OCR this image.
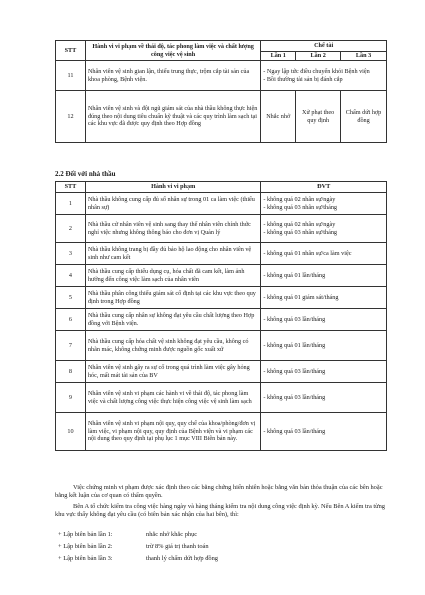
STT	Hành vi vi phạm về thái độ, tác phong làm việc và chất lượng công việc vệ sinh	Chế tài		
		Lần 1	Lần 2	Lần 3
11	Nhân viên vệ sinh gian lận, thiếu trung thực, trộm cắp tài sản của khoa phòng, Bệnh viện.	- Ngay lập tức điều chuyển khỏi Bệnh viện
- Bồi thường tài sản bị đánh cắp		
12	Nhân viên vệ sinh và đội ngũ giám sát của nhà thầu không thực hiện đúng theo nội dung tiêu chuẩn kỹ thuật và các quy trình làm sạch tại các khu vực đã được quy định theo Hợp đồng	Nhắc nhở	Xử phạt theo quy định	Chấm dứt hợp đồng
2.2 Đối với nhà thầu
STT	Hành vi vi phạm	ĐVT
1	Nhà thầu không cung cấp đủ số nhân sự trong 01 ca làm việc (thiếu nhân sự)	- không quá 02 nhân sự/ngày
- không quá 03 nhân sự/tháng
2	Nhà thầu cử nhân viên vệ sinh sang thay thế nhân viên chính thức nghỉ việc nhưng không thông báo cho đơn vị Quản lý	- không quá 02 nhân sự/ngày
- không quá 03 nhân sự/tháng
3	Nhà thầu không trang bị đầy đủ bảo hộ lao động cho nhân viên vệ sinh như cam kết	- không quá 01 nhân sự/ca làm việc
4	Nhà thầu cung cấp thiếu dụng cụ, hóa chất đã cam kết, làm ảnh hưởng đến công việc làm sạch của nhân viên	- không quá 01 lần/tháng
5	Nhà thầu phân công thiếu giám sát cố định tại các khu vực theo quy định trong Hợp đồng	- không quá 01 giám sát/tháng
6	Nhà thầu cung cấp nhân sự không đạt yêu cầu chất lượng theo Hợp đồng với Bệnh viện.	- không quá 03 lần/tháng
7	Nhà thầu cung cấp hóa chất vệ sinh không đạt yêu cầu, không có nhãn mác, không chứng minh được nguồn gốc xuất xứ	- không quá 01 lần/tháng
8	Nhân viên vệ sinh gây ra sự cố trong quá trình làm việc gây hỏng hóc, mất mát tài sản của BV	- không quá 03 lần/tháng
9	Nhân viên vệ sinh vi phạm các hành vi về thái độ, tác phong làm việc và chất lượng công việc thực hiện công việc vệ sinh làm sạch	- không quá 03 lần/tháng
10	Nhân viên vệ sinh vi phạm nội quy, quy chế của khoa/phòng/đơn vị làm việc, vi phạm nội quy, quy định của Bệnh viện và vi phạm các nội dung theo quy định tại phụ lục 1 mục VIII Biên bản này.	- không quá 03 lần/tháng
Việc chứng minh vi phạm được xác định theo các bằng chứng hiển nhiên hoặc bằng văn bản thỏa thuận của các bên hoặc bằng kết luận của cơ quan có thẩm quyền.
Bên A tổ chức kiểm tra công việc hàng ngày và hàng tháng kiểm tra nội dung công việc định kỳ. Nếu Bên A kiểm tra từng khu vực thấy không đạt yêu cầu (có biên bản xác nhận của hai bên), thì:
+ Lập biên bản lần 1:	nhắc nhở khắc phục
+ Lập biên bản lần 2:	trừ 8% giá trị thanh toán
+ Lập biên bản lần 3:	thanh lý chấm dứt hợp đồng
